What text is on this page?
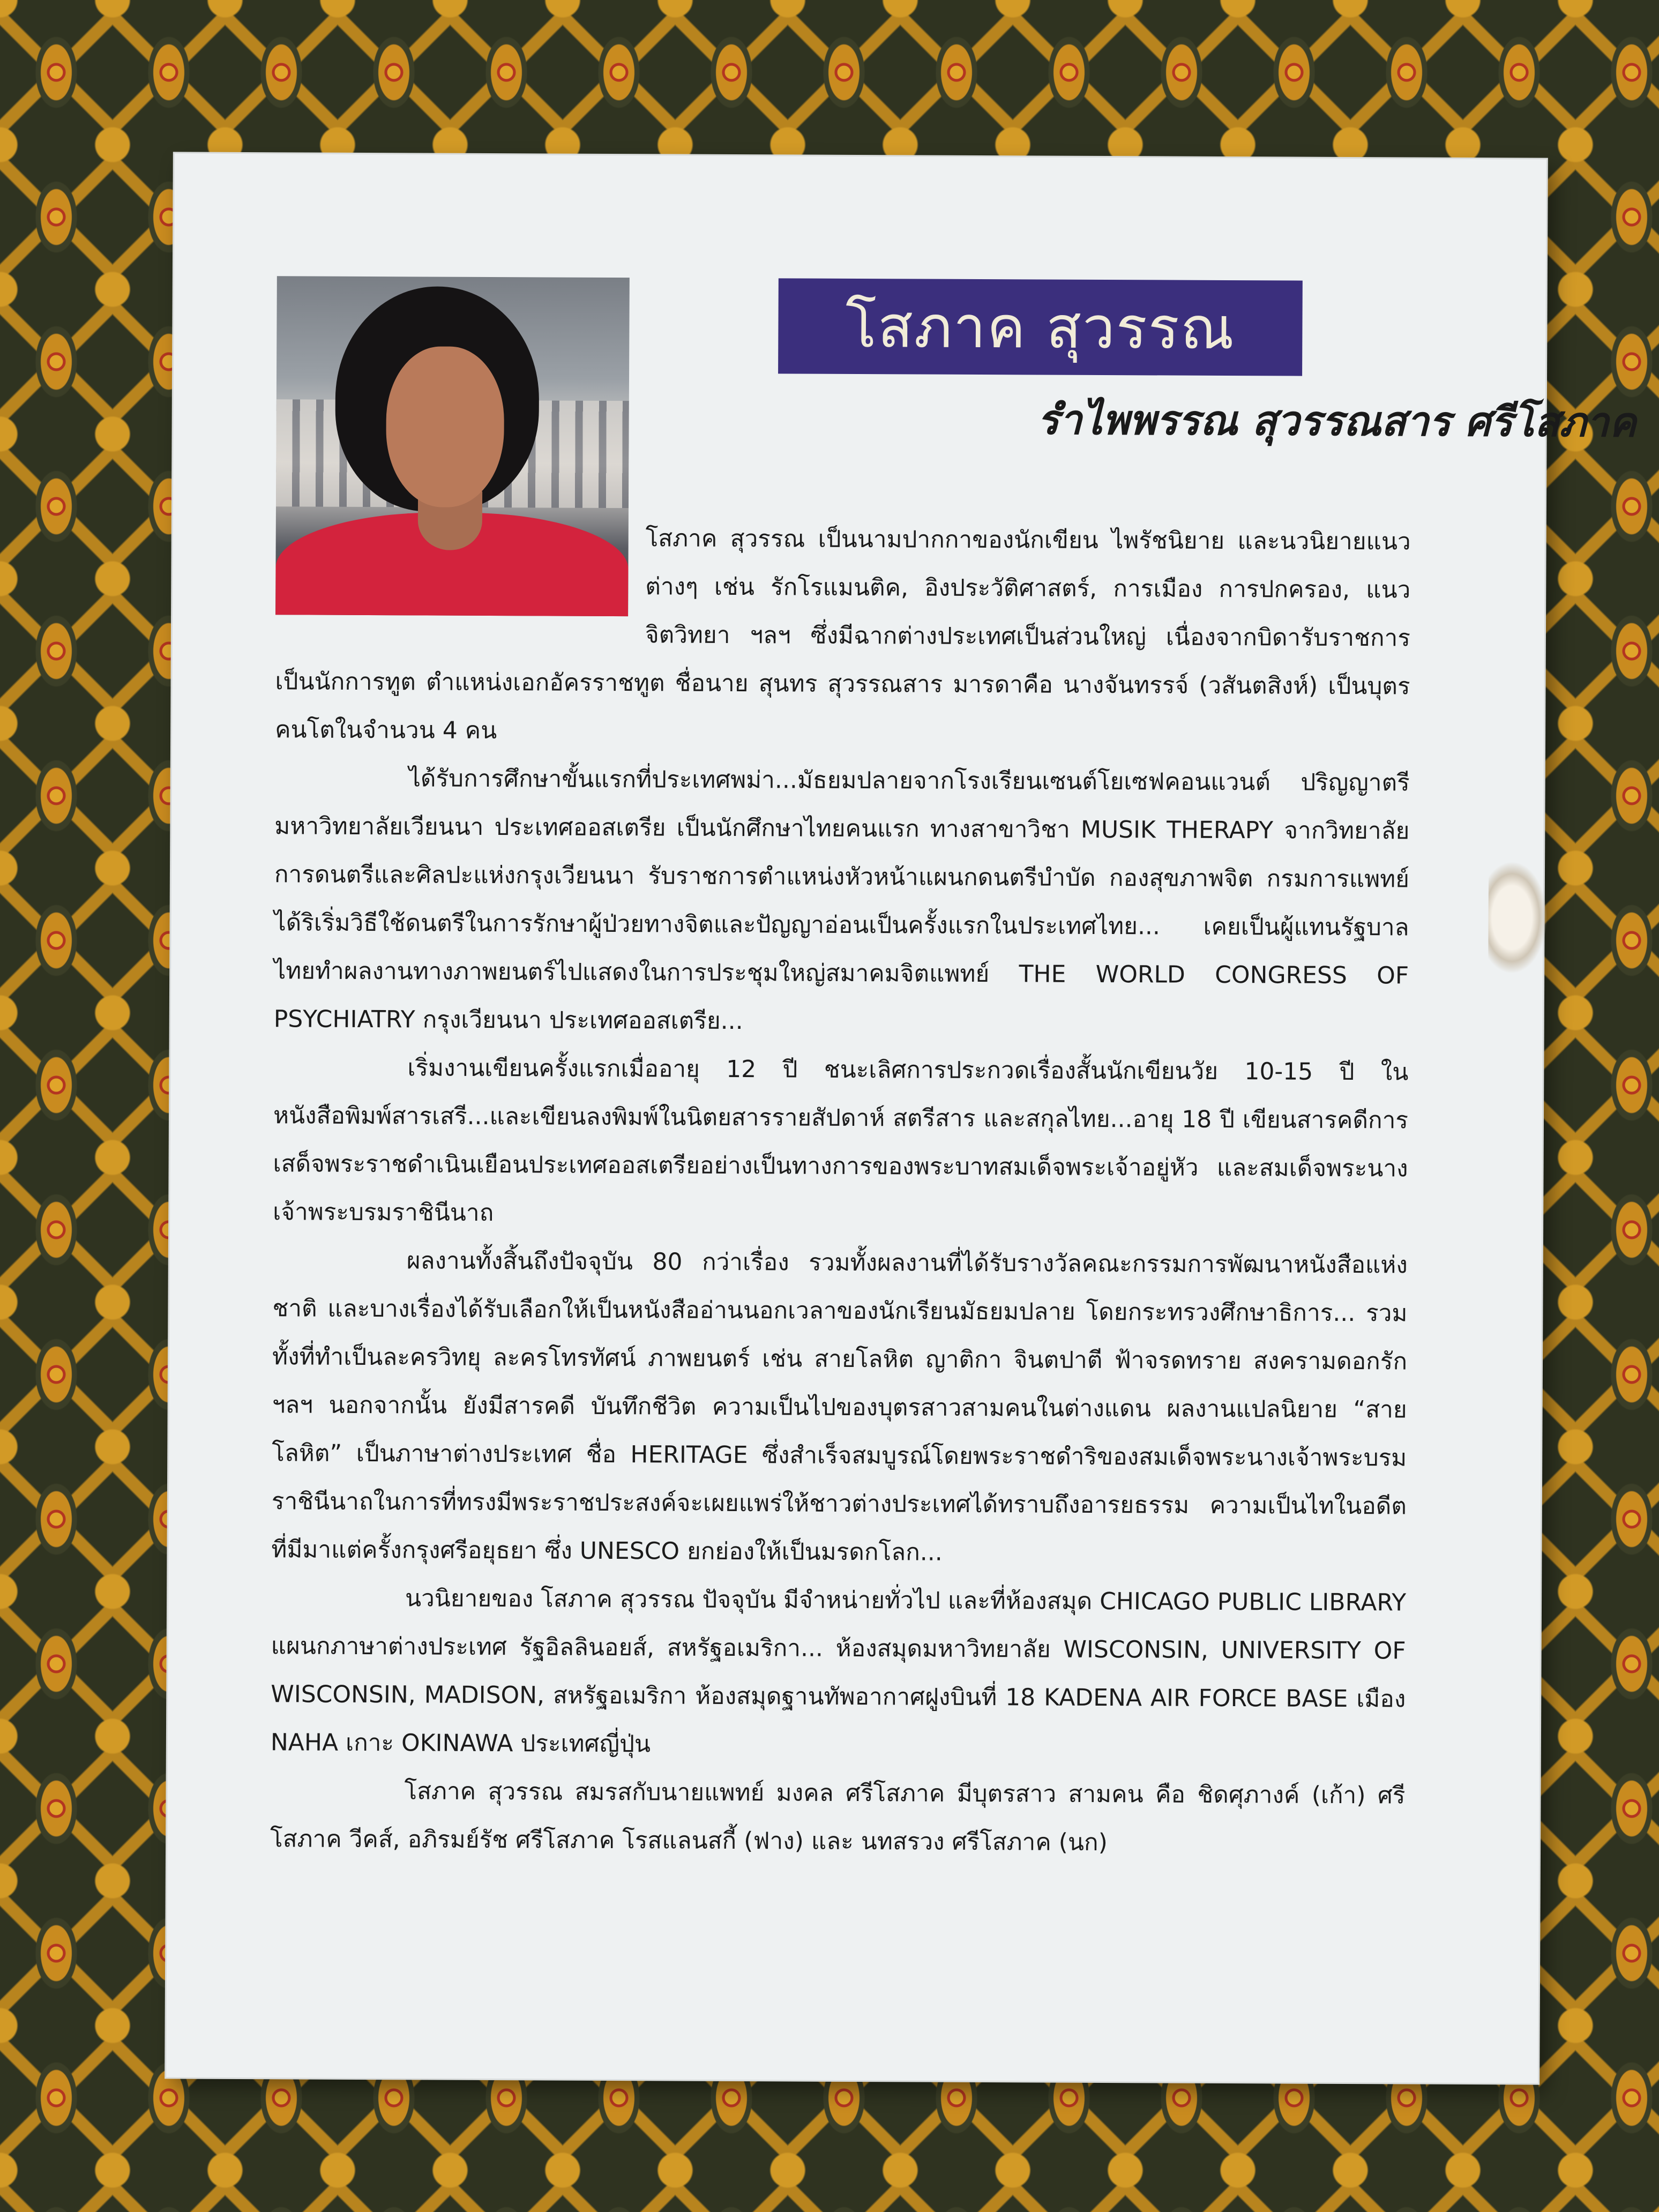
โสภาค สุวรรณ
รำไพพรรณ สุวรรณสาร ศรีโสภาค

โสภาค สุวรรณ เป็นนามปากกาของนักเขียน ไพรัชนิยาย และนวนิยายแนวต่างๆ เช่น รักโรแมนติค, อิงประวัติศาสตร์, การเมือง การปกครอง, แนวจิตวิทยา ฯลฯ ซึ่งมีฉากต่างประเทศเป็นส่วนใหญ่ เนื่องจากบิดารับราชการ เป็นนักการทูต ตำแหน่งเอกอัครราชทูต ชื่อนาย สุนทร สุวรรณสาร มารดาคือ นางจันทรรจ์ (วสันตสิงห์) เป็นบุตรคนโตในจำนวน 4 คน

ได้รับการศึกษาขั้นแรกที่ประเทศพม่า...มัธยมปลายจากโรงเรียนเซนต์โยเซฟคอนแวนต์ ปริญญาตรี มหาวิทยาลัยเวียนนา ประเทศออสเตรีย เป็นนักศึกษาไทยคนแรก ทางสาขาวิชา MUSIK THERAPY จากวิทยาลัยการดนตรีและศิลปะแห่งกรุงเวียนนา รับราชการตำแหน่งหัวหน้าแผนกดนตรีบำบัด กองสุขภาพจิต กรมการแพทย์ ได้ริเริ่มวิธีใช้ดนตรีในการรักษาผู้ป่วยทางจิตและปัญญาอ่อนเป็นครั้งแรกในประเทศไทย... เคยเป็นผู้แทนรัฐบาลไทยทำผลงานทางภาพยนตร์ไปแสดงในการประชุมใหญ่สมาคมจิตแพทย์ THE WORLD CONGRESS OF PSYCHIATRY กรุงเวียนนา ประเทศออสเตรีย...

เริ่มงานเขียนครั้งแรกเมื่ออายุ 12 ปี ชนะเลิศการประกวดเรื่องสั้นนักเขียนวัย 10-15 ปี ในหนังสือพิมพ์สารเสรี...และเขียนลงพิมพ์ในนิตยสารรายสัปดาห์ สตรีสาร และสกุลไทย...อายุ 18 ปี เขียนสารคดีการเสด็จพระราชดำเนินเยือนประเทศออสเตรียอย่างเป็นทางการของพระบาทสมเด็จพระเจ้าอยู่หัว และสมเด็จพระนางเจ้าพระบรมราชินีนาถ

ผลงานทั้งสิ้นถึงปัจจุบัน 80 กว่าเรื่อง รวมทั้งผลงานที่ได้รับรางวัลคณะกรรมการพัฒนาหนังสือแห่งชาติ และบางเรื่องได้รับเลือกให้เป็นหนังสืออ่านนอกเวลาของนักเรียนมัธยมปลาย โดยกระทรวงศึกษาธิการ... รวมทั้งที่ทำเป็นละครวิทยุ ละครโทรทัศน์ ภาพยนตร์ เช่น สายโลหิต ญาติกา จินตปาตี ฟ้าจรดทราย สงครามดอกรัก ฯลฯ นอกจากนั้น ยังมีสารคดี บันทึกชีวิต ความเป็นไปของบุตรสาวสามคนในต่างแดน ผลงานแปลนิยาย “สายโลหิต” เป็นภาษาต่างประเทศ ชื่อ HERITAGE ซึ่งสำเร็จสมบูรณ์โดยพระราชดำริของสมเด็จพระนางเจ้าพระบรมราชินีนาถในการที่ทรงมีพระราชประสงค์จะเผยแพร่ให้ชาวต่างประเทศได้ทราบถึงอารยธรรม ความเป็นไทในอดีต ที่มีมาแต่ครั้งกรุงศรีอยุธยา ซึ่ง UNESCO ยกย่องให้เป็นมรดกโลก...

นวนิยายของ โสภาค สุวรรณ ปัจจุบัน มีจำหน่ายทั่วไป และที่ห้องสมุด CHICAGO PUBLIC LIBRARY แผนกภาษาต่างประเทศ รัฐอิลลินอยส์, สหรัฐอเมริกา... ห้องสมุดมหาวิทยาลัย WISCONSIN, UNIVERSITY OF WISCONSIN, MADISON, สหรัฐอเมริกา ห้องสมุดฐานทัพอากาศฝูงบินที่ 18 KADENA AIR FORCE BASE เมือง NAHA เกาะ OKINAWA ประเทศญี่ปุ่น

โสภาค สุวรรณ สมรสกับนายแพทย์ มงคล ศรีโสภาค มีบุตรสาว สามคน คือ ชิดศุภางค์ (เก้า) ศรีโสภาค วีคส์, อภิรมย์รัช ศรีโสภาค โรสแลนสกี้ (ฟาง) และ นทสรวง ศรีโสภาค (นก)
